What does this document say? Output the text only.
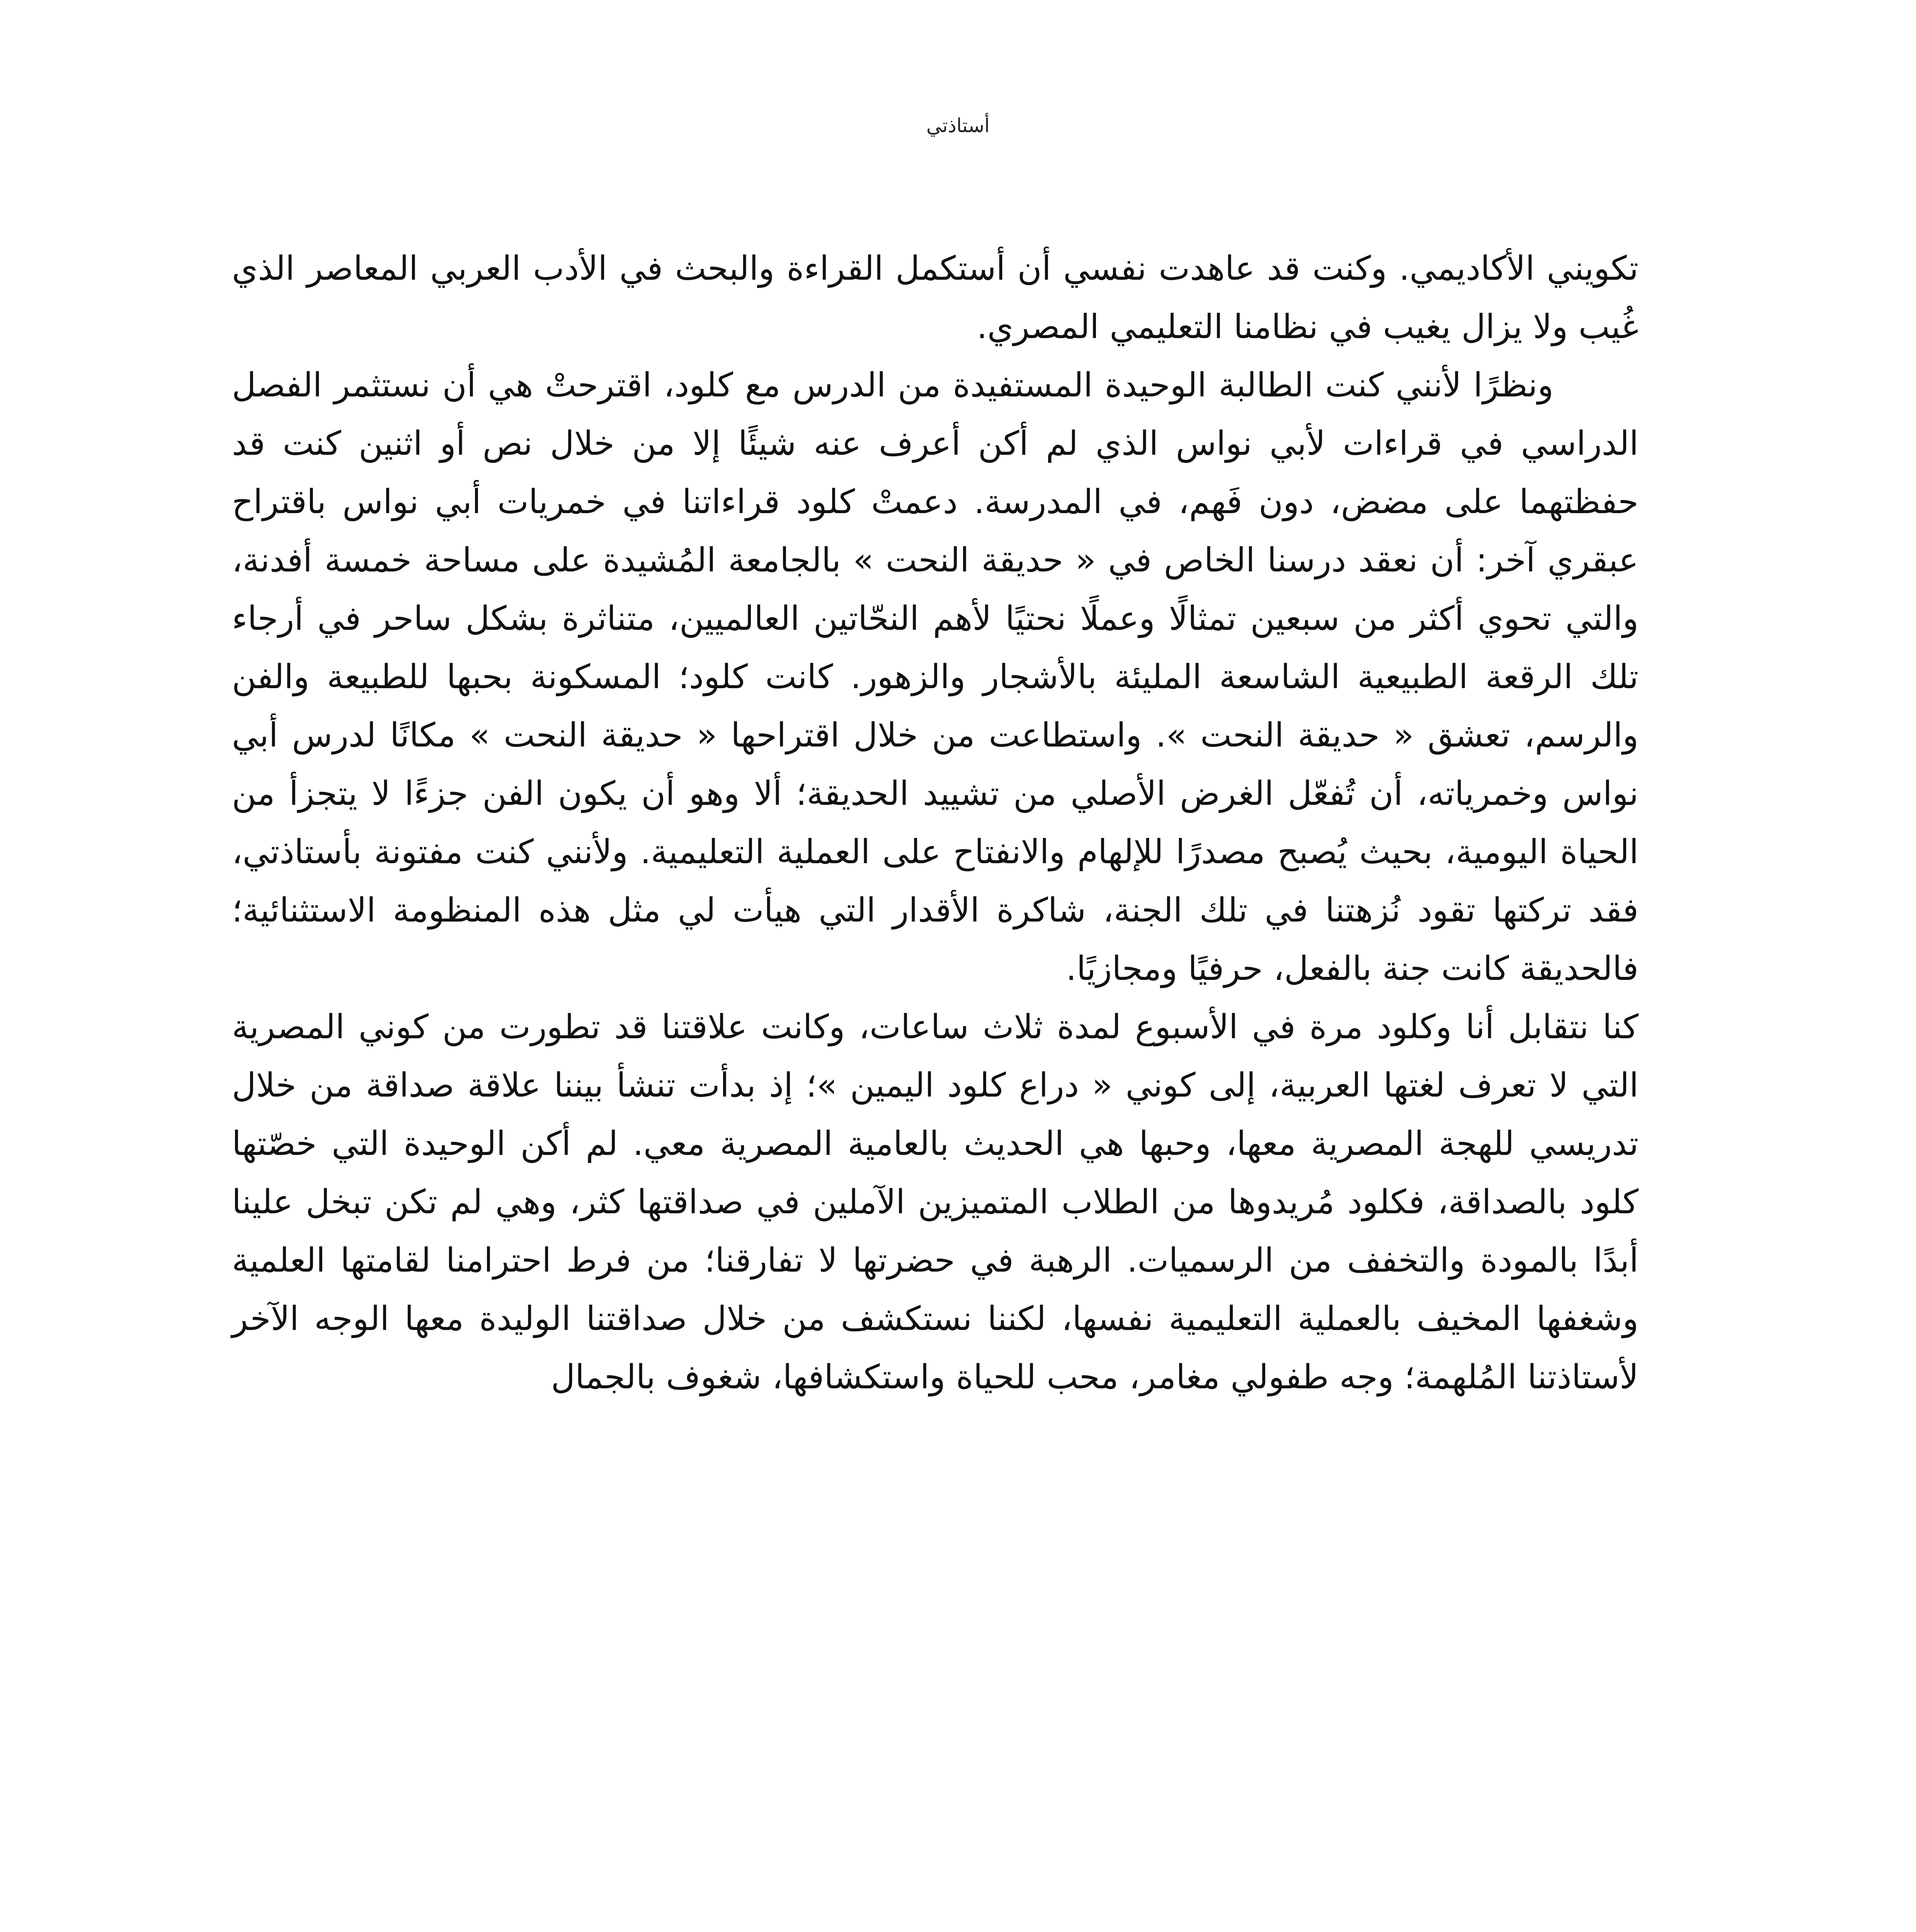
أستاذتي

تكويني الأكاديمي. وكنت قد عاهدت نفسي أن أستكمل القراءة والبحث في الأدب العربي المعاصر الذي غُيب ولا يزال يغيب في نظامنا التعليمي المصري.

ونظرًا لأنني كنت الطالبة الوحيدة المستفيدة من الدرس مع كلود، اقترحتْ هي أن نستثمر الفصل الدراسي في قراءات لأبي نواس الذي لم أكن أعرف عنه شيئًا إلا من خلال نص أو اثنين كنت قد حفظتهما على مضض، دون فَهم، في المدرسة. دعمتْ كلود قراءاتنا في خمريات أبي نواس باقتراح عبقري آخر: أن نعقد درسنا الخاص في « حديقة النحت » بالجامعة المُشيدة على مساحة خمسة أفدنة، والتي تحوي أكثر من سبعين تمثالًا وعملًا نحتيًا لأهم النحّاتين العالميين، متناثرة بشكل ساحر في أرجاء تلك الرقعة الطبيعية الشاسعة المليئة بالأشجار والزهور. كانت كلود؛ المسكونة بحبها للطبيعة والفن والرسم، تعشق « حديقة النحت ». واستطاعت من خلال اقتراحها « حديقة النحت » مكانًا لدرس أبي نواس وخمرياته، أن تُفعّل الغرض الأصلي من تشييد الحديقة؛ ألا وهو أن يكون الفن جزءًا لا يتجزأ من الحياة اليومية، بحيث يُصبح مصدرًا للإلهام والانفتاح على العملية التعليمية. ولأنني كنت مفتونة بأستاذتي، فقد تركتها تقود نُزهتنا في تلك الجنة، شاكرة الأقدار التي هيأت لي مثل هذه المنظومة الاستثنائية؛ فالحديقة كانت جنة بالفعل، حرفيًا ومجازيًا.

كنا نتقابل أنا وكلود مرة في الأسبوع لمدة ثلاث ساعات، وكانت علاقتنا قد تطورت من كوني المصرية التي لا تعرف لغتها العربية، إلى كوني « دراع كلود اليمين »؛ إذ بدأت تنشأ بيننا علاقة صداقة من خلال تدريسي للهجة المصرية معها، وحبها هي الحديث بالعامية المصرية معي. لم أكن الوحيدة التي خصّتها كلود بالصداقة، فكلود مُريدوها من الطلاب المتميزين الآملين في صداقتها كثر، وهي لم تكن تبخل علينا أبدًا بالمودة والتخفف من الرسميات. الرهبة في حضرتها لا تفارقنا؛ من فرط احترامنا لقامتها العلمية وشغفها المخيف بالعملية التعليمية نفسها، لكننا نستكشف من خلال صداقتنا الوليدة معها الوجه الآخر لأستاذتنا المُلهمة؛ وجه طفولي مغامر، محب للحياة واستكشافها، شغوف بالجمال
